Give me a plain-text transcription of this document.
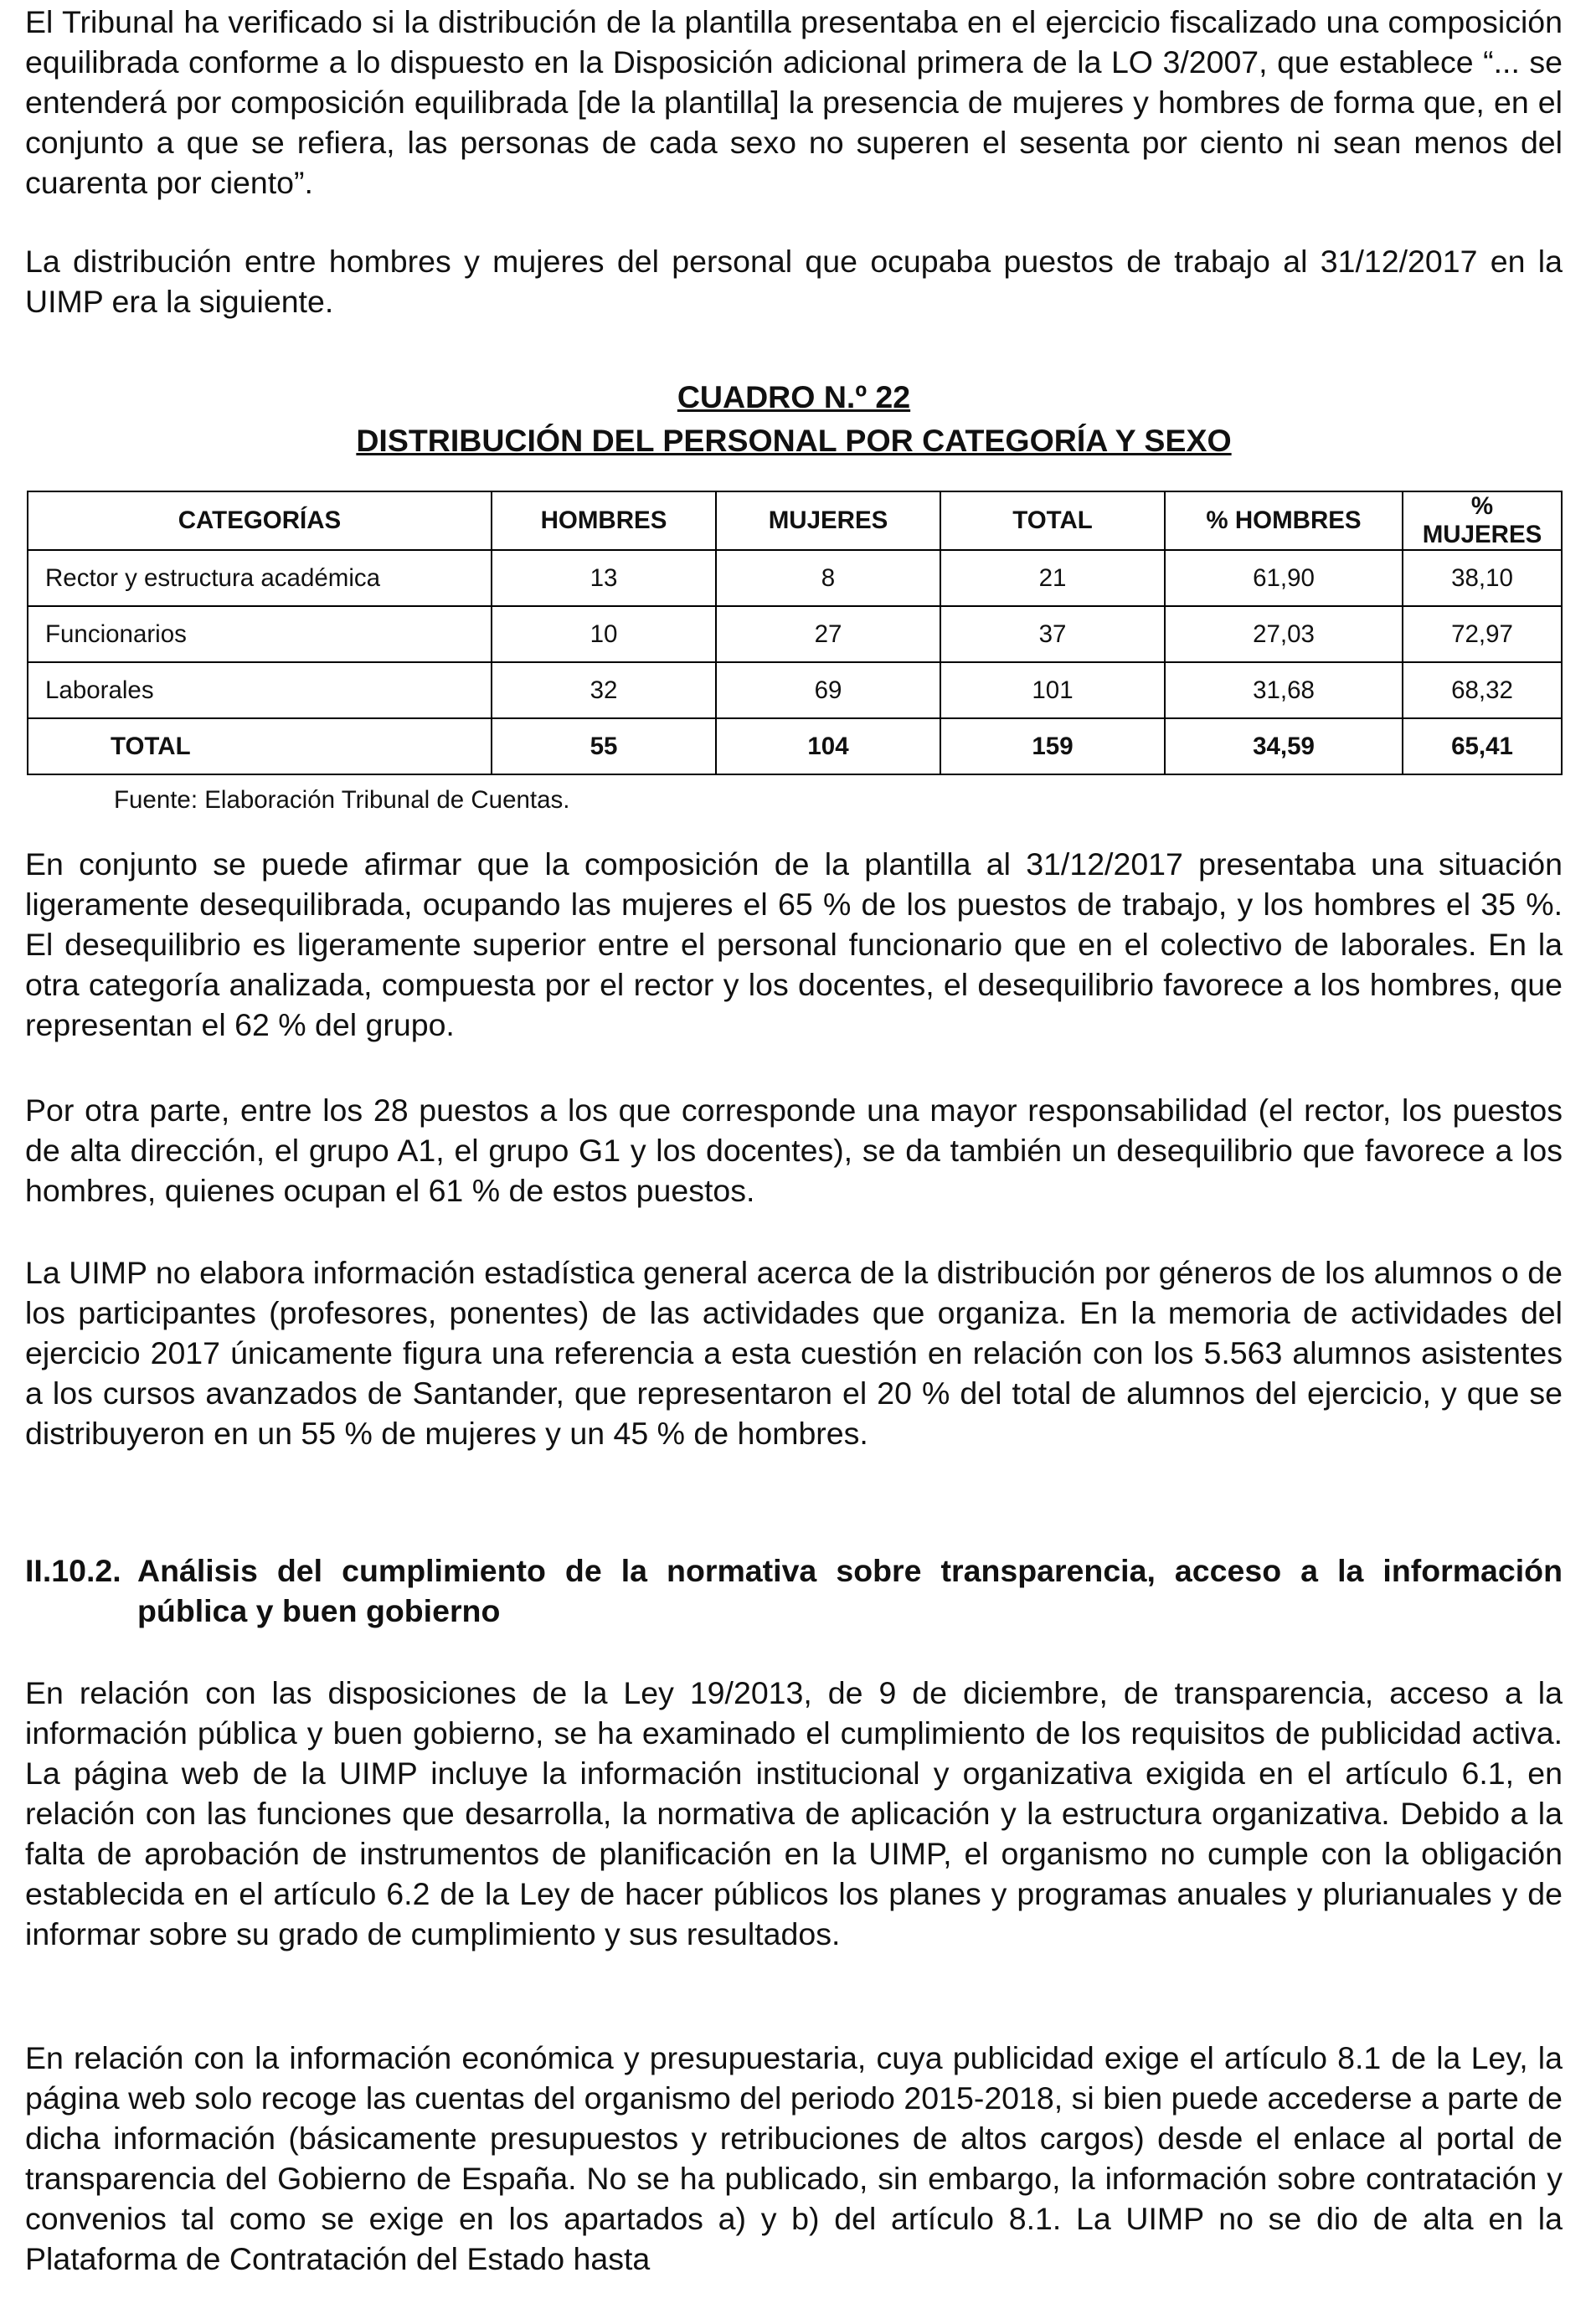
El Tribunal ha verificado si la distribución de la plantilla presentaba en el ejercicio fiscalizado una composición equilibrada conforme a lo dispuesto en la Disposición adicional primera de la LO 3/2007, que establece “... se entenderá por composición equilibrada [de la plantilla] la presencia de mujeres y hombres de forma que, en el conjunto a que se refiera, las personas de cada sexo no superen el sesenta por ciento ni sean menos del cuarenta por ciento”.

La distribución entre hombres y mujeres del personal que ocupaba puestos de trabajo al 31/12/2017 en la UIMP era la siguiente.

CUADRO N.º 22
DISTRIBUCIÓN DEL PERSONAL POR CATEGORÍA Y SEXO
CATEGORÍAS	HOMBRES	MUJERES	TOTAL	% HOMBRES	% MUJERES
Rector y estructura académica	13	8	21	61,90	38,10
Funcionarios	10	27	37	27,03	72,97
Laborales	32	69	101	31,68	68,32
TOTAL	55	104	159	34,59	65,41
Fuente: Elaboración Tribunal de Cuentas.

En conjunto se puede afirmar que la composición de la plantilla al 31/12/2017 presentaba una situación ligeramente desequilibrada, ocupando las mujeres el 65 % de los puestos de trabajo, y los hombres el 35 %. El desequilibrio es ligeramente superior entre el personal funcionario que en el colectivo de laborales. En la otra categoría analizada, compuesta por el rector y los docentes, el desequilibrio favorece a los hombres, que representan el 62 % del grupo.

Por otra parte, entre los 28 puestos a los que corresponde una mayor responsabilidad (el rector, los puestos de alta dirección, el grupo A1, el grupo G1 y los docentes), se da también un desequilibrio que favorece a los hombres, quienes ocupan el 61 % de estos puestos.

La UIMP no elabora información estadística general acerca de la distribución por géneros de los alumnos o de los participantes (profesores, ponentes) de las actividades que organiza. En la memoria de actividades del ejercicio 2017 únicamente figura una referencia a esta cuestión en relación con los 5.563 alumnos asistentes a los cursos avanzados de Santander, que representaron el 20 % del total de alumnos del ejercicio, y que se distribuyeron en un 55 % de mujeres y un 45 % de hombres.

II.10.2. Análisis del cumplimiento de la normativa sobre transparencia, acceso a la información pública y buen gobierno

En relación con las disposiciones de la Ley 19/2013, de 9 de diciembre, de transparencia, acceso a la información pública y buen gobierno, se ha examinado el cumplimiento de los requisitos de publicidad activa. La página web de la UIMP incluye la información institucional y organizativa exigida en el artículo 6.1, en relación con las funciones que desarrolla, la normativa de aplicación y la estructura organizativa. Debido a la falta de aprobación de instrumentos de planificación en la UIMP, el organismo no cumple con la obligación establecida en el artículo 6.2 de la Ley de hacer públicos los planes y programas anuales y plurianuales y de informar sobre su grado de cumplimiento y sus resultados.

En relación con la información económica y presupuestaria, cuya publicidad exige el artículo 8.1 de la Ley, la página web solo recoge las cuentas del organismo del periodo 2015-2018, si bien puede accederse a parte de dicha información (básicamente presupuestos y retribuciones de altos cargos) desde el enlace al portal de transparencia del Gobierno de España. No se ha publicado, sin embargo, la información sobre contratación y convenios tal como se exige en los apartados a) y b) del artículo 8.1. La UIMP no se dio de alta en la Plataforma de Contratación del Estado hasta
